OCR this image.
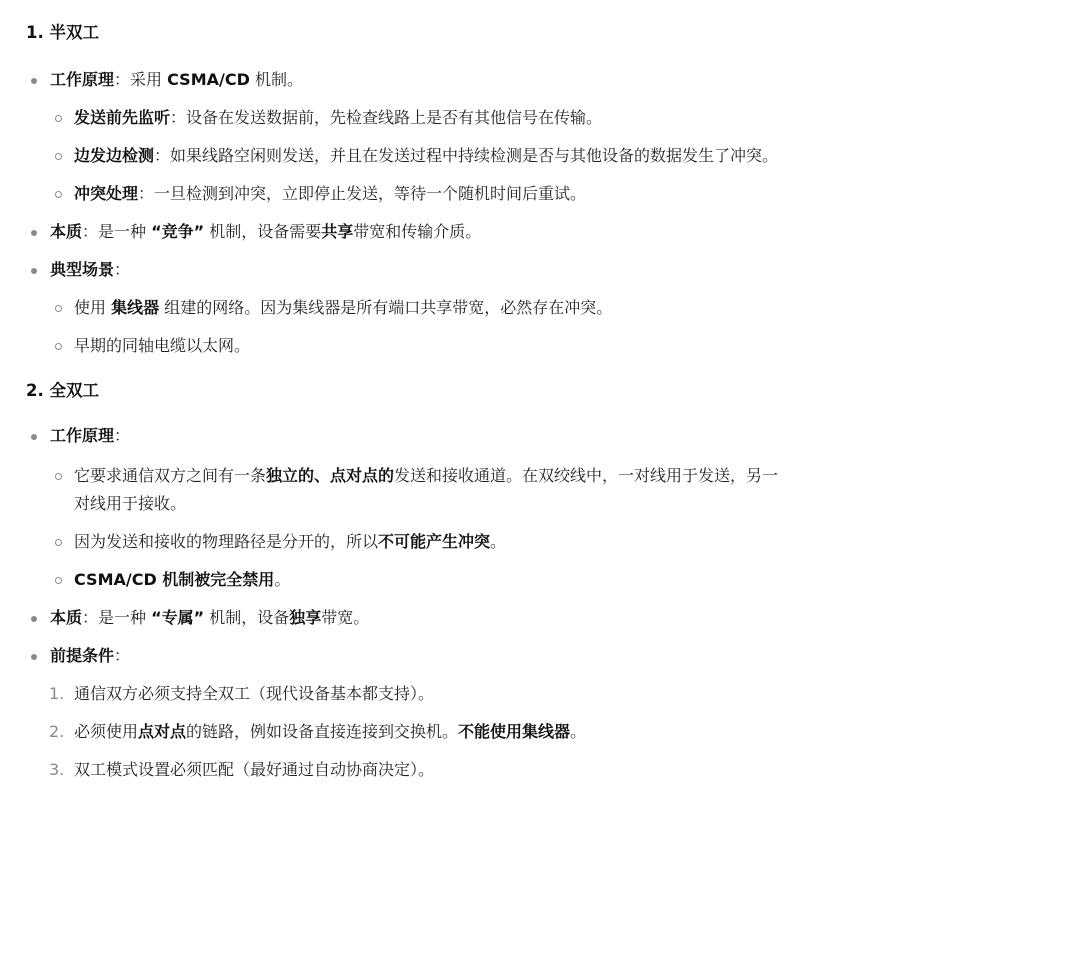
1. 半双工
工作原理：采用 CSMA/CD 机制。
发送前先监听：设备在发送数据前，先检查线路上是否有其他信号在传输。
边发边检测：如果线路空闲则发送，并且在发送过程中持续检测是否与其他设备的数据发生了冲突。
冲突处理：一旦检测到冲突，立即停止发送，等待一个随机时间后重试。
本质：是一种 “竞争” 机制，设备需要共享带宽和传输介质。
典型场景：
使用 集线器 组建的网络。因为集线器是所有端口共享带宽，必然存在冲突。
早期的同轴电缆以太网。
2. 全双工
工作原理：
它要求通信双方之间有一条独立的、点对点的发送和接收通道。在双绞线中，一对线用于发送，另一
对线用于接收。
因为发送和接收的物理路径是分开的，所以不可能产生冲突。
CSMA/CD 机制被完全禁用。
本质：是一种 “专属” 机制，设备独享带宽。
前提条件：
1. 通信双方必须支持全双工（现代设备基本都支持）。
2. 必须使用点对点的链路，例如设备直接连接到交换机。不能使用集线器。
3. 双工模式设置必须匹配（最好通过自动协商决定）。
